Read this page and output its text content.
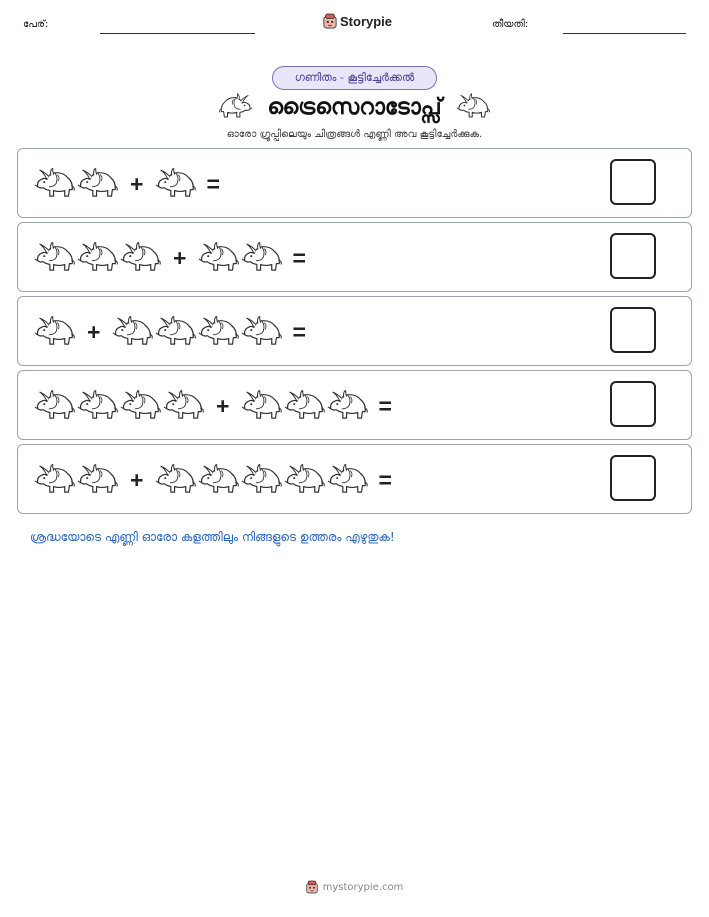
പേര്:	Storypie	തീയതി:
ഗണിതം - കൂട്ടിച്ചേർക്കൽ
ട്രൈസെറാടോപ്സ്
ഓരോ ഗ്രൂപ്പിലെയും ചിത്രങ്ങൾ എണ്ണി അവ കൂട്ടിച്ചേർക്കുക.
+	=
+	=
+	=
+	=
+	=
ശ്രദ്ധയോടെ എണ്ണി ഓരോ കളത്തിലും നിങ്ങളുടെ ഉത്തരം എഴുതുക!
mystorypie.com
